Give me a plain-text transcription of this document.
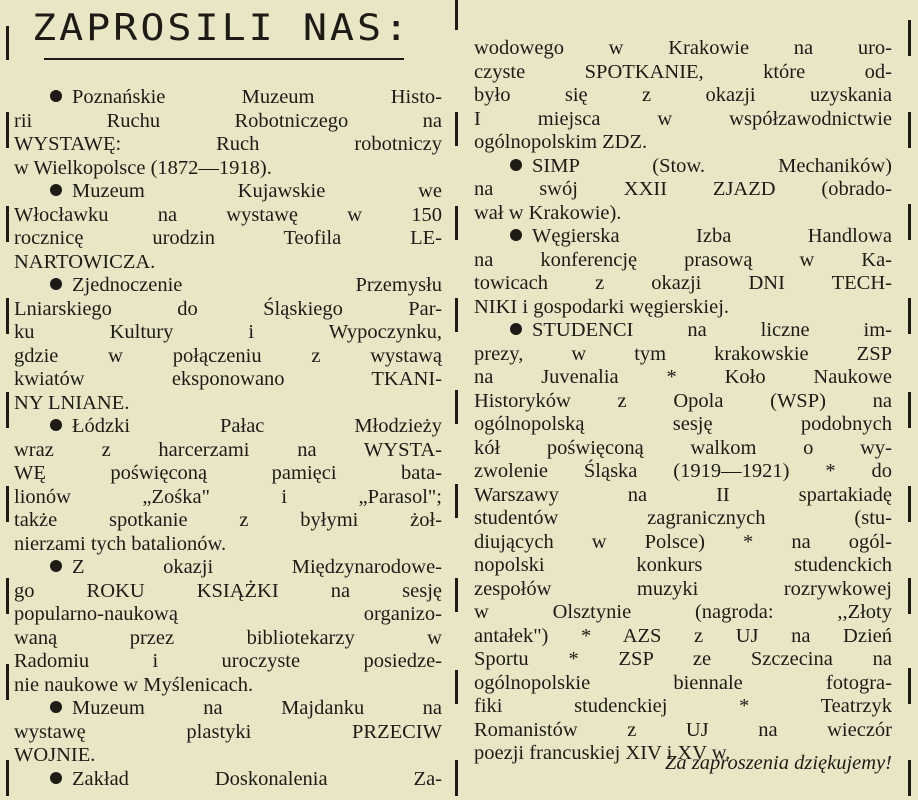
ZAPROSILI NAS:
Poznańskie Muzeum Histo-
rii Ruchu Robotniczego na
WYSTAWĘ: Ruch robotniczy
w Wielkopolsce (1872—1918).
Muzeum Kujawskie we
Włocławku na wystawę w 150
rocznicę urodzin Teofila LE-
NARTOWICZA.
Zjednoczenie Przemysłu
Lniarskiego do Śląskiego Par-
ku Kultury i Wypoczynku,
gdzie w połączeniu z wystawą
kwiatów eksponowano TKANI-
NY LNIANE.
Łódzki Pałac Młodzieży
wraz z harcerzami na WYSTA-
WĘ poświęconą pamięci bata-
lionów „Zośka" i „Parasol";
także spotkanie z byłymi żoł-
nierzami tych batalionów.
Z okazji Międzynarodowe-
go ROKU KSIĄŻKI na sesję
popularno-naukową organizo-
waną przez bibliotekarzy w
Radomiu i uroczyste posiedze-
nie naukowe w Myślenicach.
Muzeum na Majdanku na
wystawę plastyki PRZECIW
WOJNIE.
Zakład Doskonalenia Za-
wodowego w Krakowie na uro-
czyste SPOTKANIE, które od-
było się z okazji uzyskania
I miejsca w współzawodnictwie
ogólnopolskim ZDZ.
SIMP (Stow. Mechaników)
na swój XXII ZJAZD (obrado-
wał w Krakowie).
Węgierska Izba Handlowa
na konferencję prasową w Ka-
towicach z okazji DNI TECH-
NIKI i gospodarki węgierskiej.
STUDENCI na liczne im-
prezy, w tym krakowskie ZSP
na Juvenalia * Koło Naukowe
Historyków z Opola (WSP) na
ogólnopolską sesję podobnych
kół poświęconą walkom o wy-
zwolenie Śląska (1919—1921) * do
Warszawy na II spartakiadę
studentów zagranicznych (stu-
diujących w Polsce) * na ogól-
nopolski konkurs studenckich
zespołów muzyki rozrywkowej
w Olsztynie (nagroda: ,,Złoty
antałek") * AZS z UJ na Dzień
Sportu * ZSP ze Szczecina na
ogólnopolskie biennale fotogra-
fiki studenckiej * Teatrzyk
Romanistów z UJ na wieczór
poezji francuskiej XIV i XV w.
Za zaproszenia dziękujemy!
